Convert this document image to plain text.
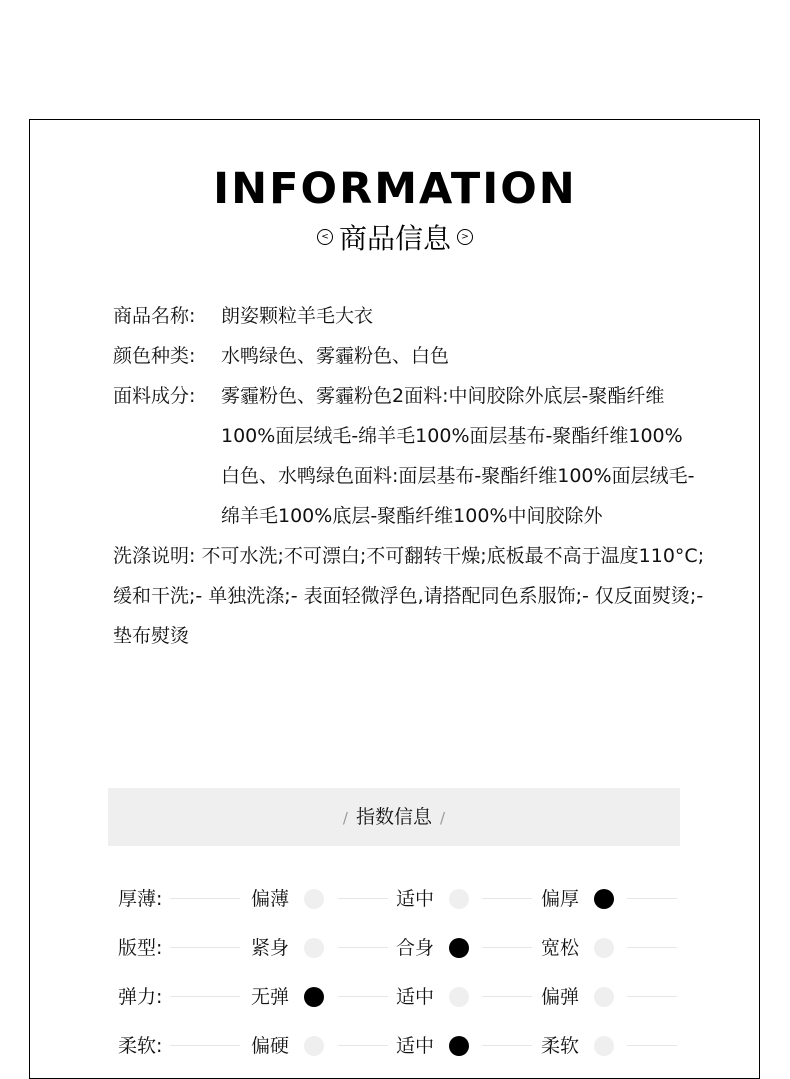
INFORMATION
< 商品信息 >
商品名称:	朗姿颗粒羊毛大衣
颜色种类:	水鸭绿色、雾霾粉色、白色
面料成分:	雾霾粉色、雾霾粉色2面料:中间胶除外底层-聚酯纤维100%面层绒毛-绵羊毛100%面层基布-聚酯纤维100%
白色、水鸭绿色面料:面层基布-聚酯纤维100%面层绒毛-绵羊毛100%底层-聚酯纤维100%中间胶除外
洗涤说明: 不可水洗;不可漂白;不可翻转干燥;底板最不高于温度110°C;缓和干洗;- 单独洗涤;- 表面轻微浮色,请搭配同色系服饰;- 仅反面熨烫;- 垫布熨烫
/ 指数信息 /
厚薄:	偏薄	适中	偏厚
版型:	紧身	合身	宽松
弹力:	无弹	适中	偏弹
柔软:	偏硬	适中	柔软
